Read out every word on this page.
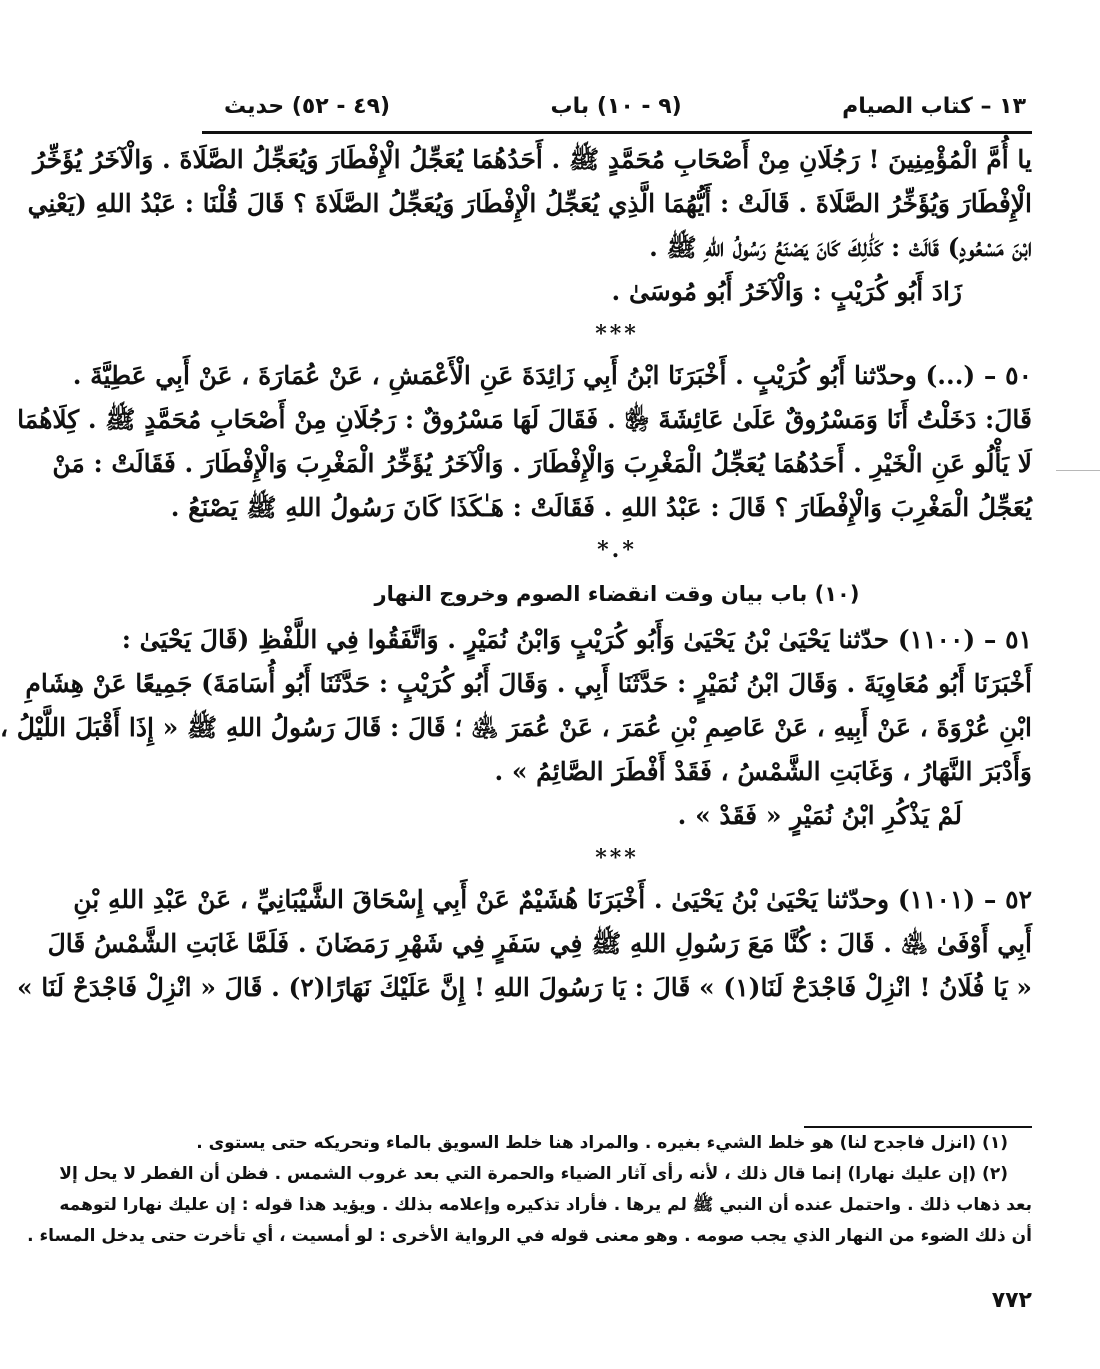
١٣ – كتاب الصيام
(٩ - ١٠) باب
(٤٩ - ٥٢) حديث
يا أُمَّ الْمُؤْمِنِينَ ! رَجُلَانِ مِنْ أَصْحَابِ مُحَمَّدٍ ﷺ . أَحَدُهُمَا يُعَجِّلُ الْإِفْطَارَ وَيُعَجِّلُ الصَّلَاةَ . وَالْآخَرُ يُؤَخِّرُ
الْإِفْطَارَ وَيُؤَخِّرُ الصَّلَاةَ . قَالَتْ : أَيُّهُمَا الَّذِي يُعَجِّلُ الْإِفْطَارَ وَيُعَجِّلُ الصَّلَاةَ ؟ قَالَ قُلْنَا : عَبْدُ اللهِ (يَعْنِي
ابْنَ مَسْعُودٍ) قَالَتْ : كَذَٰلِكَ كَانَ يَصْنَعُ رَسُولُ اللهِ ﷺ .
زَادَ أَبُو كُرَيْبٍ : وَالْآخَرُ أَبُو مُوسَىٰ .
***
٥٠ – (...) وحدّثنا أَبُو كُرَيْبٍ . أَخْبَرَنَا ابْنُ أَبِي زَائِدَةَ عَنِ الْأَعْمَشِ ، عَنْ عُمَارَةَ ، عَنْ أَبِي عَطِيَّةَ .
قَالَ: دَخَلْتُ أَنَا وَمَسْرُوقٌ عَلَىٰ عَائِشَةَ ﵂ . فَقَالَ لَهَا مَسْرُوقٌ : رَجُلَانِ مِنْ أَصْحَابِ مُحَمَّدٍ ﷺ . كِلَاهُمَا
لَا يَأْلُو عَنِ الْخَيْرِ . أَحَدُهُمَا يُعَجِّلُ الْمَغْرِبَ وَالْإِفْطَارَ . وَالْآخَرُ يُؤَخِّرُ الْمَغْرِبَ وَالْإِفْطَارَ . فَقَالَتْ : مَنْ
يُعَجِّلُ الْمَغْرِبَ وَالْإِفْطَارَ ؟ قَالَ : عَبْدُ اللهِ . فَقَالَتْ : هَـٰكَذَا كَانَ رَسُولُ اللهِ ﷺ يَصْنَعُ .
*.*
(١٠) باب بيان وقت انقضاء الصوم وخروج النهار
٥١ – (١١٠٠) حدّثنا يَحْيَىٰ بْنُ يَحْيَىٰ وَأَبُو كُرَيْبٍ وَابْنُ نُمَيْرٍ . وَاتَّفَقُوا فِي اللَّفْظِ (قَالَ يَحْيَىٰ :
أَخْبَرَنَا أَبُو مُعَاوِيَةَ . وَقَالَ ابْنُ نُمَيْرٍ : حَدَّثَنَا أَبِي . وَقَالَ أَبُو كُرَيْبٍ : حَدَّثَنَا أَبُو أُسَامَةَ) جَمِيعًا عَنْ هِشَامِ
ابْنِ عُرْوَةَ ، عَنْ أَبِيهِ ، عَنْ عَاصِمِ بْنِ عُمَرَ ، عَنْ عُمَرَ ﵁ ؛ قَالَ : قَالَ رَسُولُ اللهِ ﷺ « إِذَا أَقْبَلَ اللَّيْلُ ،
وَأَدْبَرَ النَّهَارُ ، وَغَابَتِ الشَّمْسُ ، فَقَدْ أَفْطَرَ الصَّائِمُ » .
لَمْ يَذْكُرِ ابْنُ نُمَيْرٍ « فَقَدْ » .
***
٥٢ – (١١٠١) وحدّثنا يَحْيَىٰ بْنُ يَحْيَىٰ . أَخْبَرَنَا هُشَيْمٌ عَنْ أَبِي إِسْحَاقَ الشَّيْبَانِيِّ ، عَنْ عَبْدِ اللهِ بْنِ
أَبِي أَوْفَىٰ ﵁ . قَالَ : كُنَّا مَعَ رَسُولِ اللهِ ﷺ فِي سَفَرٍ فِي شَهْرِ رَمَضَانَ . فَلَمَّا غَابَتِ الشَّمْسُ قَالَ
« يَا فُلَانُ ! انْزِلْ فَاجْدَحْ لَنَا(١) » قَالَ : يَا رَسُولَ اللهِ ! إِنَّ عَلَيْكَ نَهَارًا(٢) . قَالَ « انْزِلْ فَاجْدَحْ لَنَا »
(١) (انزل فاجدح لنا) هو خلط الشيء بغيره . والمراد هنا خلط السويق بالماء وتحريكه حتى يستوى .
(٢) (إن عليك نهارا) إنما قال ذلك ، لأنه رأى آثار الضياء والحمرة التي بعد غروب الشمس . فظن أن الفطر لا يحل إلا
بعد ذهاب ذلك . واحتمل عنده أن النبي ﷺ لم يرها . فأراد تذكيره وإعلامه بذلك . ويؤيد هذا قوله : إن عليك نهارا لتوهمه
أن ذلك الضوء من النهار الذي يجب صومه . وهو معنى قوله في الرواية الأخرى : لو أمسيت ، أي تأخرت حتى يدخل المساء .
٧٧٢
